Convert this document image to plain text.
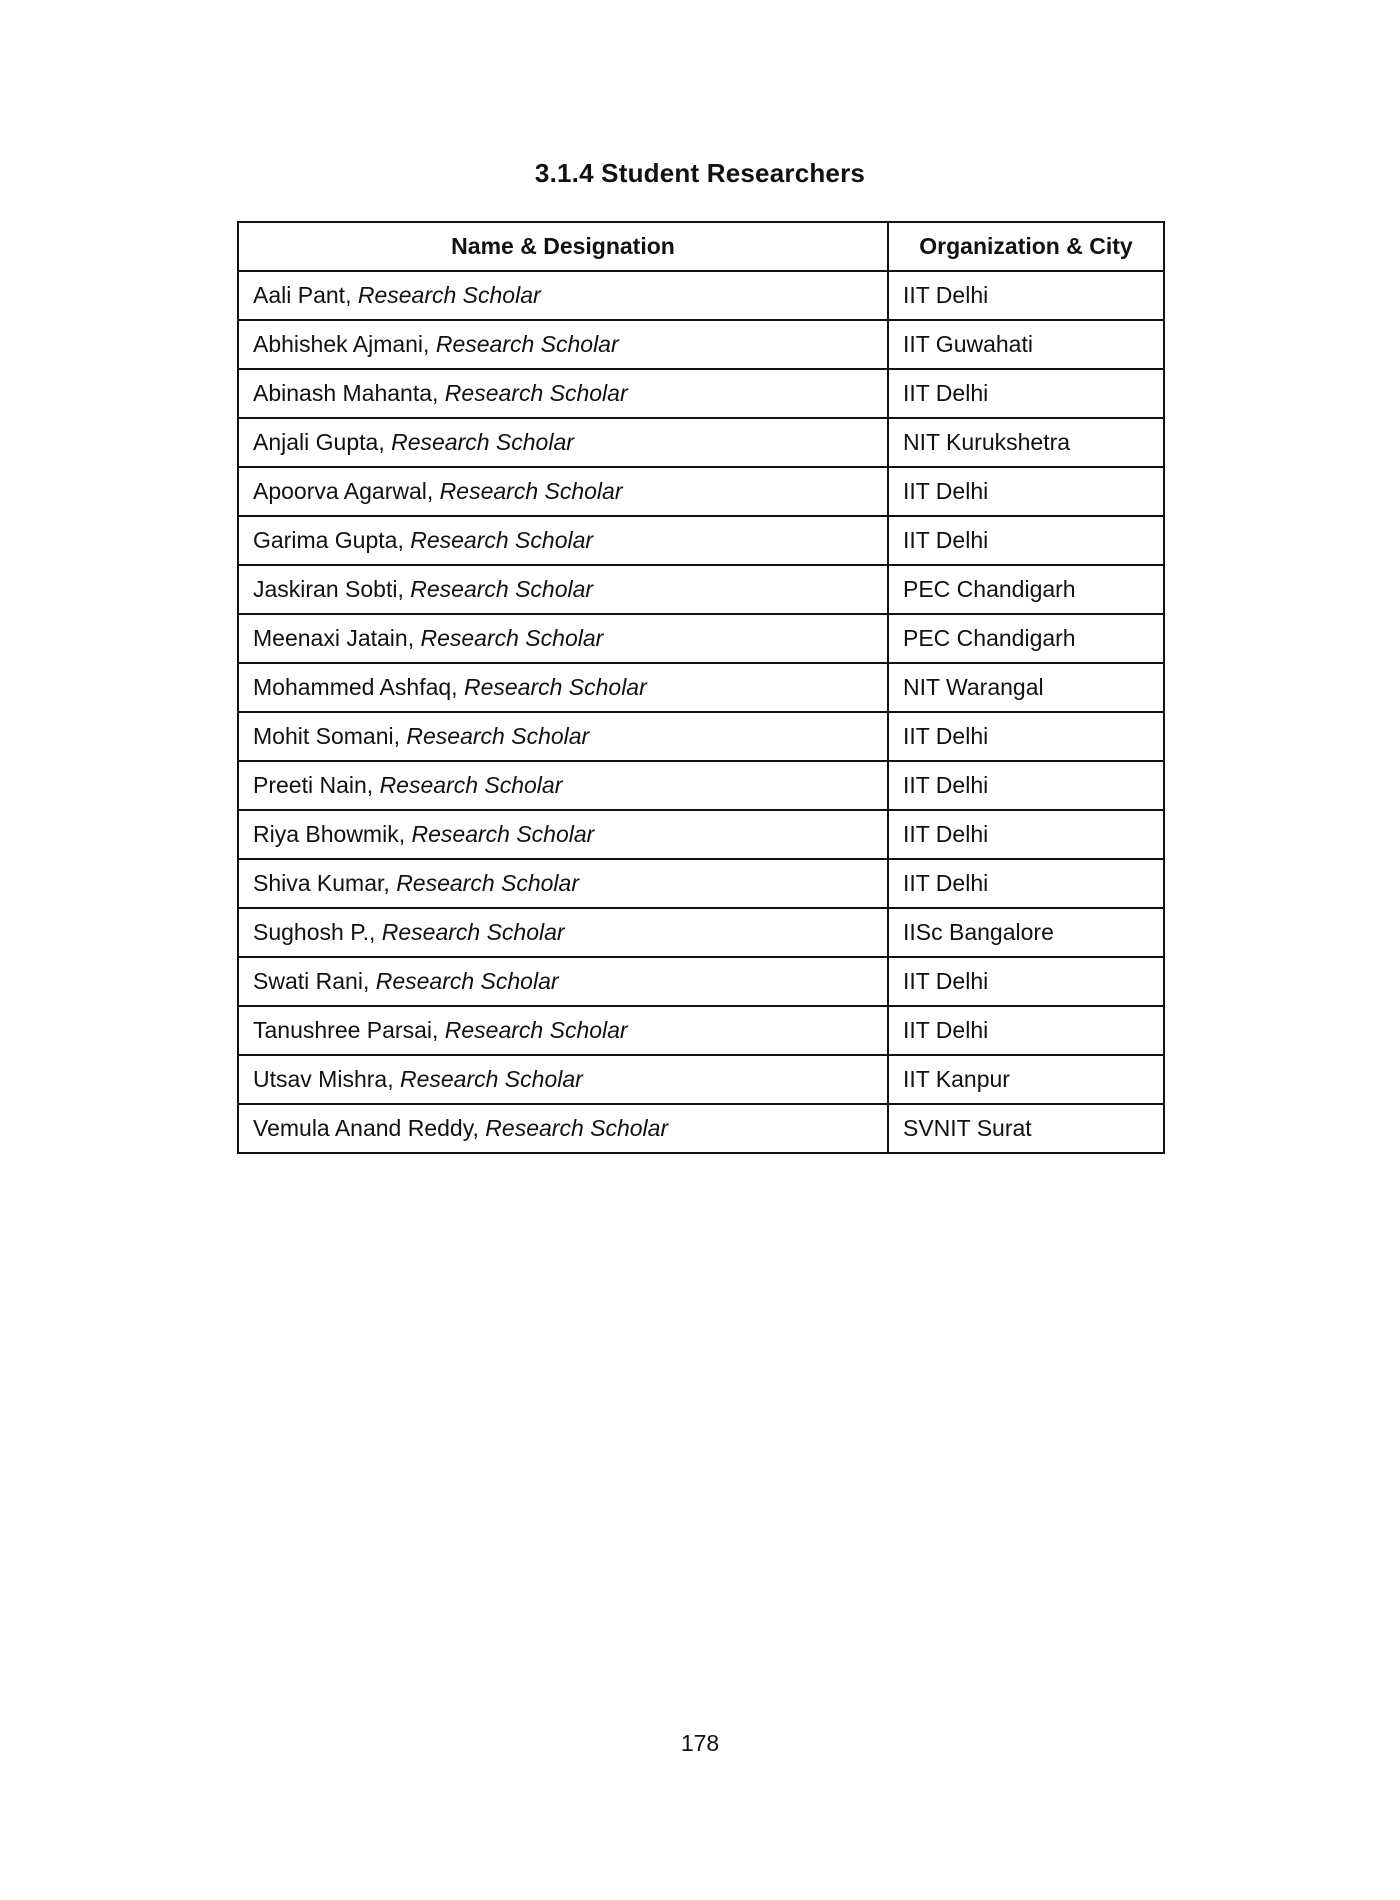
3.1.4 Student Researchers
Name & Designation	Organization & City
Aali Pant, Research Scholar	IIT Delhi
Abhishek Ajmani, Research Scholar	IIT Guwahati
Abinash Mahanta, Research Scholar	IIT Delhi
Anjali Gupta, Research Scholar	NIT Kurukshetra
Apoorva Agarwal, Research Scholar	IIT Delhi
Garima Gupta, Research Scholar	IIT Delhi
Jaskiran Sobti, Research Scholar	PEC Chandigarh
Meenaxi Jatain, Research Scholar	PEC Chandigarh
Mohammed Ashfaq, Research Scholar	NIT Warangal
Mohit Somani, Research Scholar	IIT Delhi
Preeti Nain, Research Scholar	IIT Delhi
Riya Bhowmik, Research Scholar	IIT Delhi
Shiva Kumar, Research Scholar	IIT Delhi
Sughosh P., Research Scholar	IISc Bangalore
Swati Rani, Research Scholar	IIT Delhi
Tanushree Parsai, Research Scholar	IIT Delhi
Utsav Mishra, Research Scholar	IIT Kanpur
Vemula Anand Reddy, Research Scholar	SVNIT Surat
178
